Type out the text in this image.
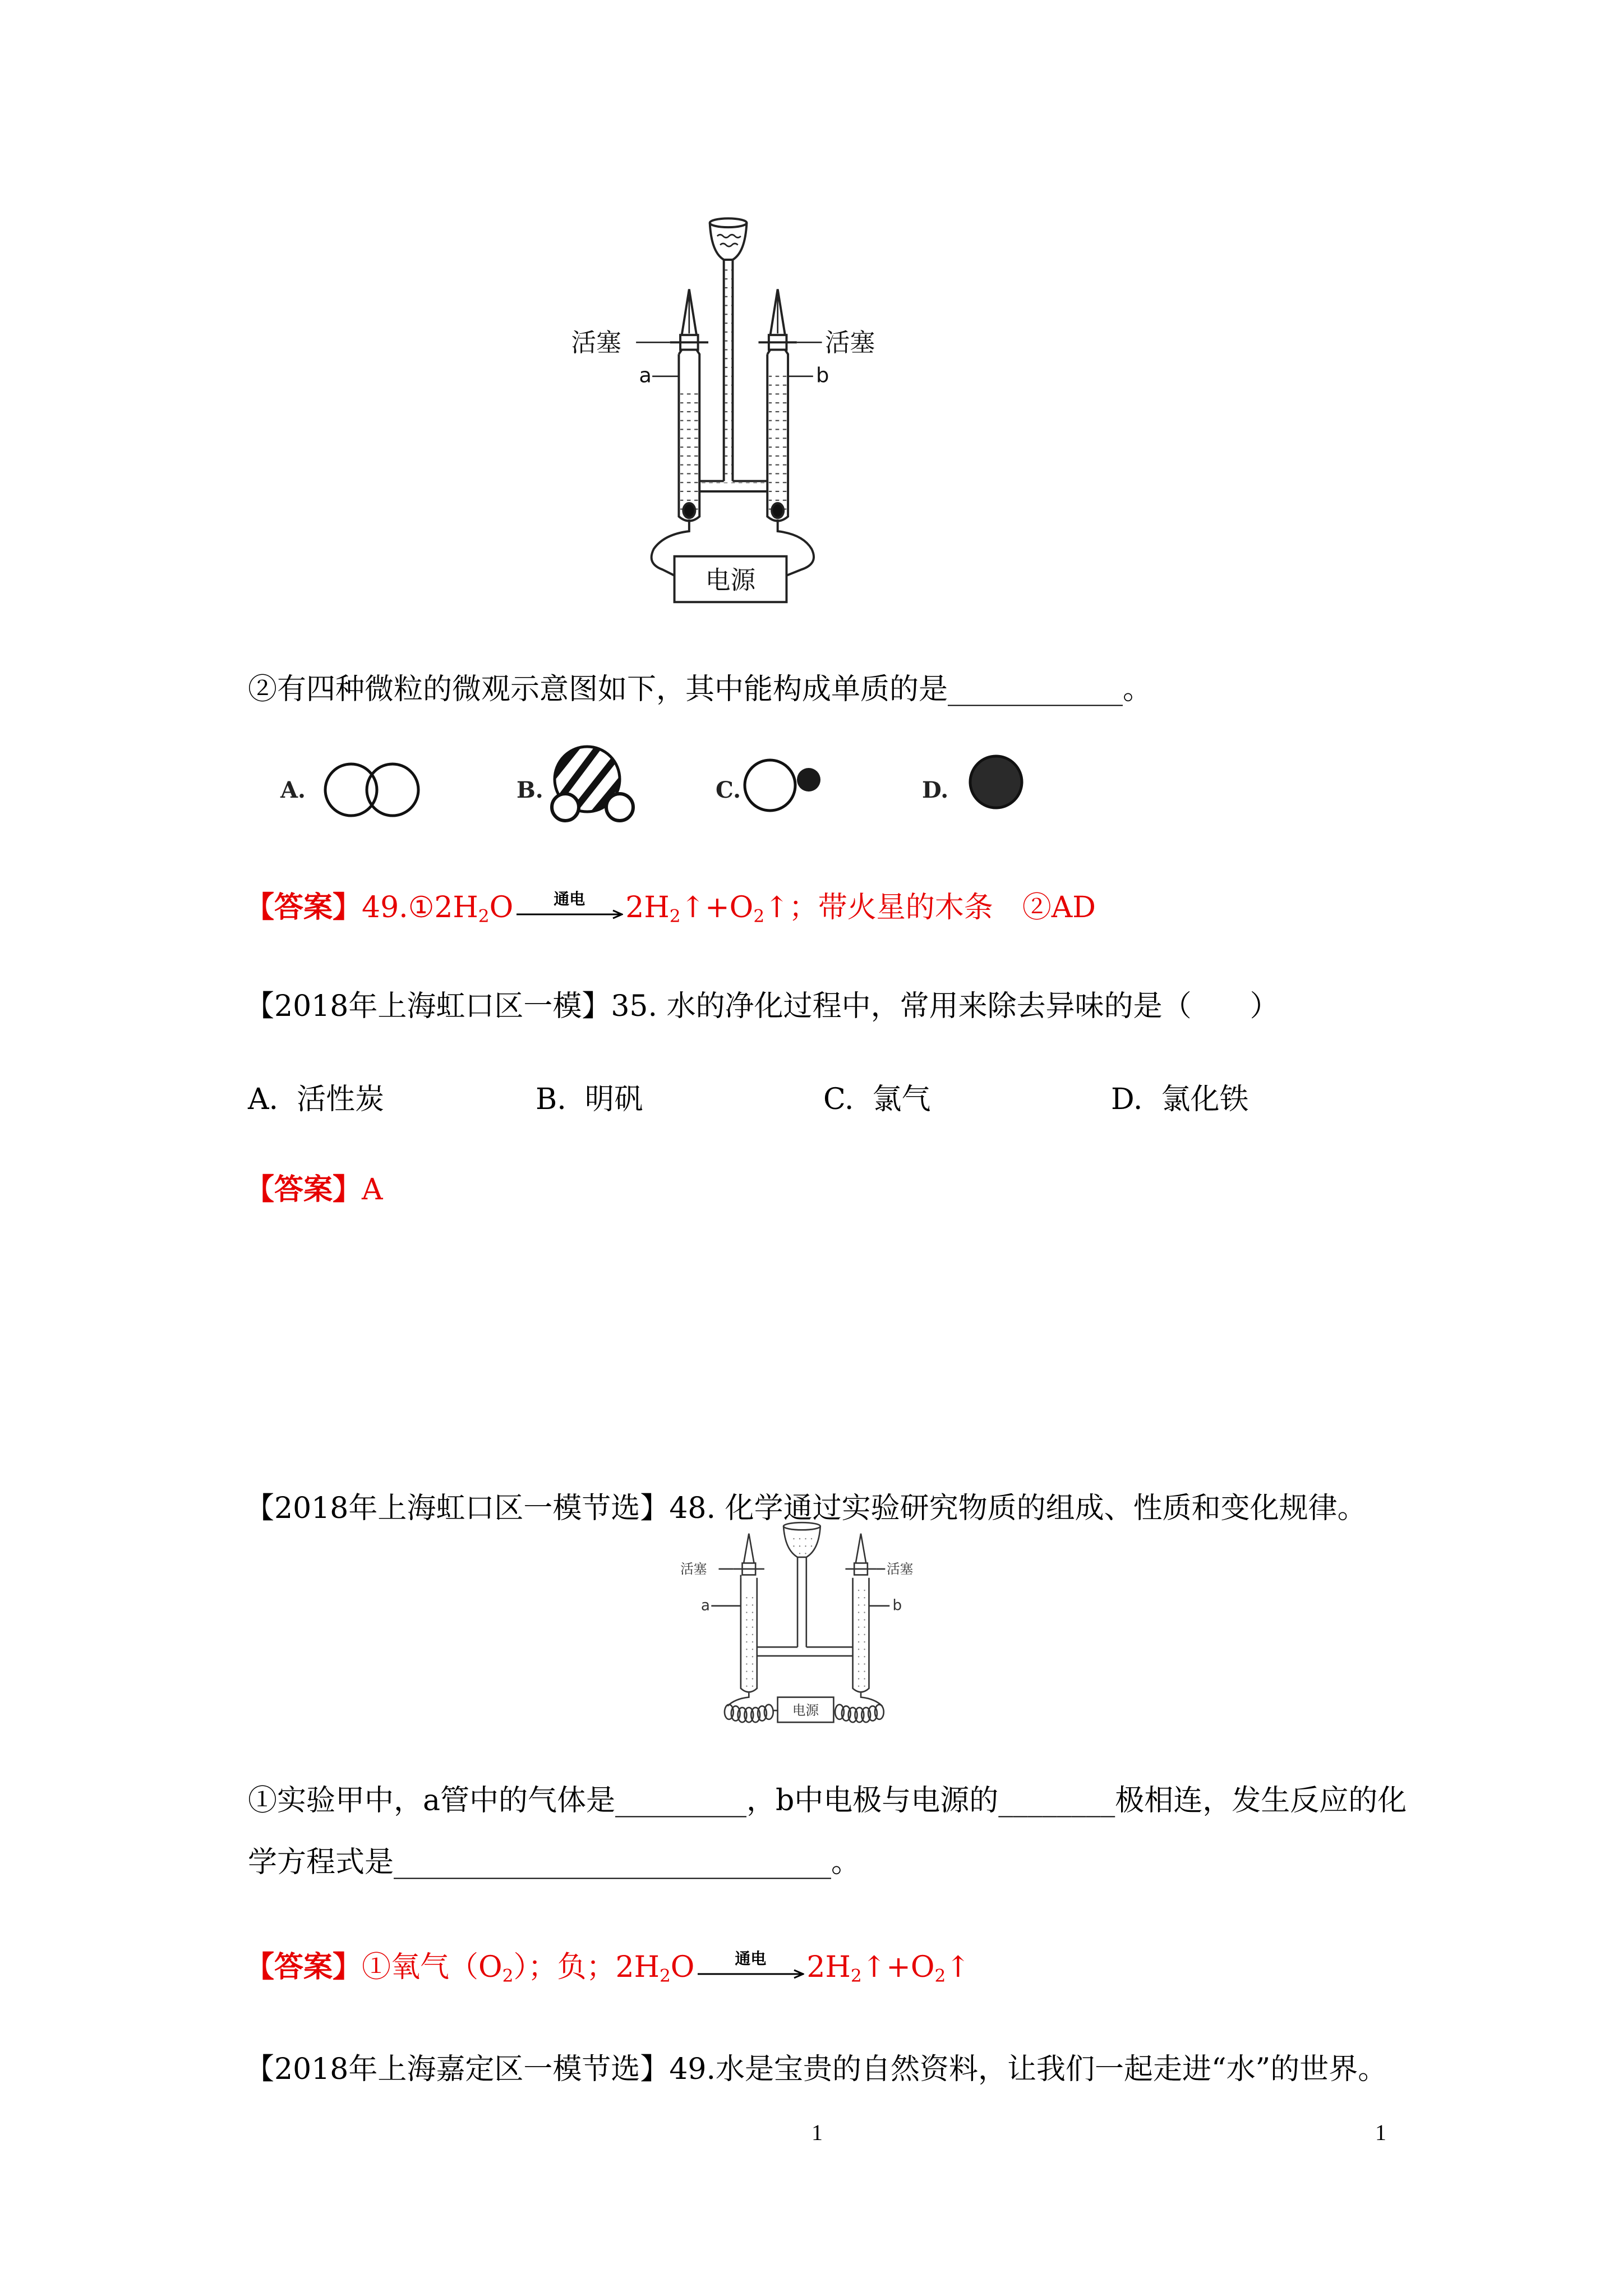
活塞	活塞
a	b
电源
②有四种微粒的微观示意图如下，其中能构成单质的是____________。
A.	B.	C.	D.
【答案】$49.①2H_2O$	通电	$2H_2↑+O_2↑$；带火星的木条　②AD
【2018年上海虹口区一模】35. 水的净化过程中，常用来除去异味的是（　　）
A. 活性炭	B. 明矾	C. 氯气	D. 氯化铁
【答案】A
【2018年上海虹口区一模节选】48. 化学通过实验研究物质的组成、性质和变化规律。
活塞	活塞
a	b
电源
①实验甲中，a管中的气体是_________，b中电极与电源的________极相连，发生反应的化
学方程式是______________________________。
【答案】①氧气$(O_2)$；负；$2H_2O$	通电	$2H_2↑+O_2↑$
【2018年上海嘉定区一模节选】49.水是宝贵的自然资料，让我们一起走进“水”的世界。
1	1
